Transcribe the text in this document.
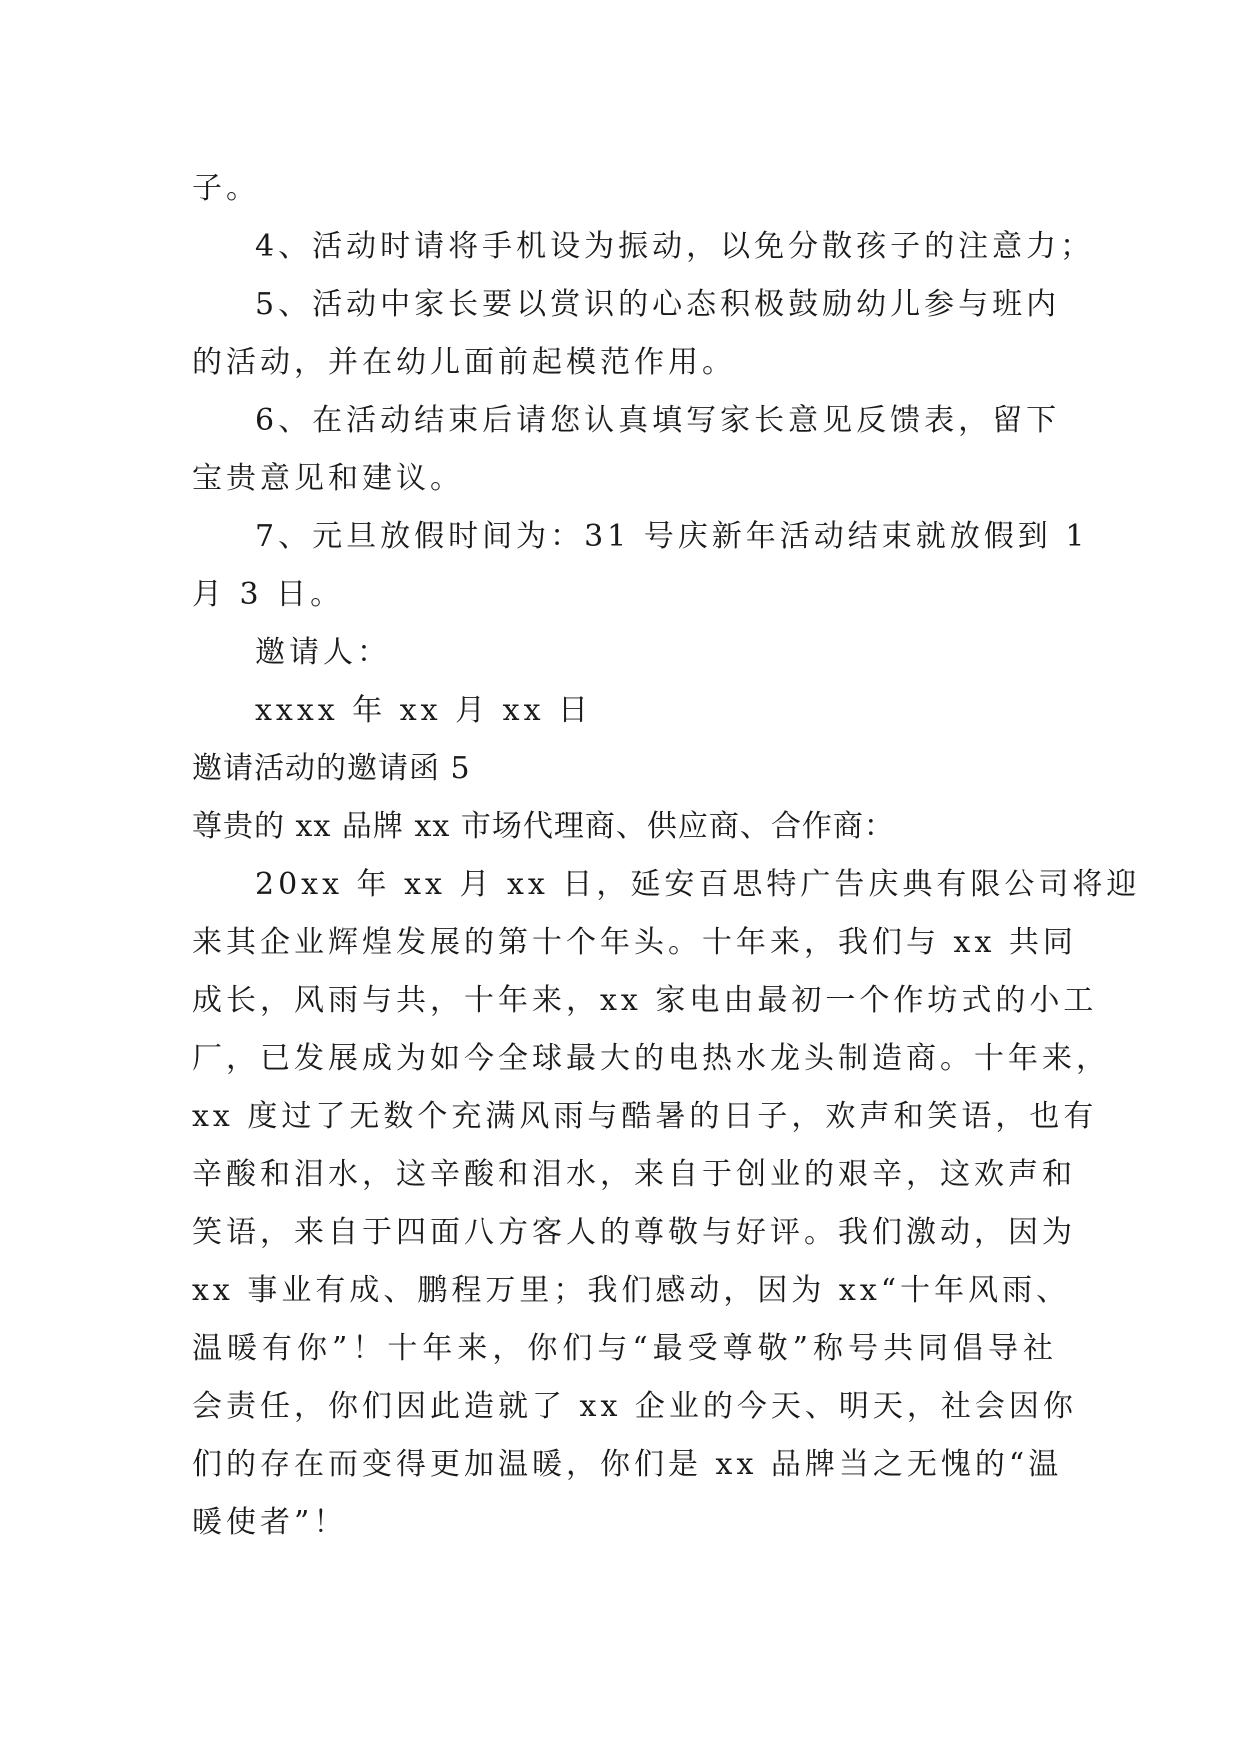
子。
4、活动时请将手机设为振动，以免分散孩子的注意力；
5、活动中家长要以赏识的心态积极鼓励幼儿参与班内
的活动，并在幼儿面前起模范作用。
6、在活动结束后请您认真填写家长意见反馈表，留下
宝贵意见和建议。
7、元旦放假时间为：31 号庆新年活动结束就放假到 1
月 3 日。
邀请人：
xxxx 年 xx 月 xx 日
邀请活动的邀请函 5
尊贵的 xx 品牌 xx 市场代理商、供应商、合作商：
20xx 年 xx 月 xx 日，延安百思特广告庆典有限公司将迎
来其企业辉煌发展的第十个年头。十年来，我们与 xx 共同
成长，风雨与共，十年来，xx 家电由最初一个作坊式的小工
厂，已发展成为如今全球最大的电热水龙头制造商。十年来，
xx 度过了无数个充满风雨与酷暑的日子，欢声和笑语，也有
辛酸和泪水，这辛酸和泪水，来自于创业的艰辛，这欢声和
笑语，来自于四面八方客人的尊敬与好评。我们激动，因为
xx 事业有成、鹏程万里；我们感动，因为 xx“十年风雨、
温暖有你”！十年来，你们与“最受尊敬”称号共同倡导社
会责任，你们因此造就了 xx 企业的今天、明天，社会因你
们的存在而变得更加温暖，你们是 xx 品牌当之无愧的“温
暖使者”！
